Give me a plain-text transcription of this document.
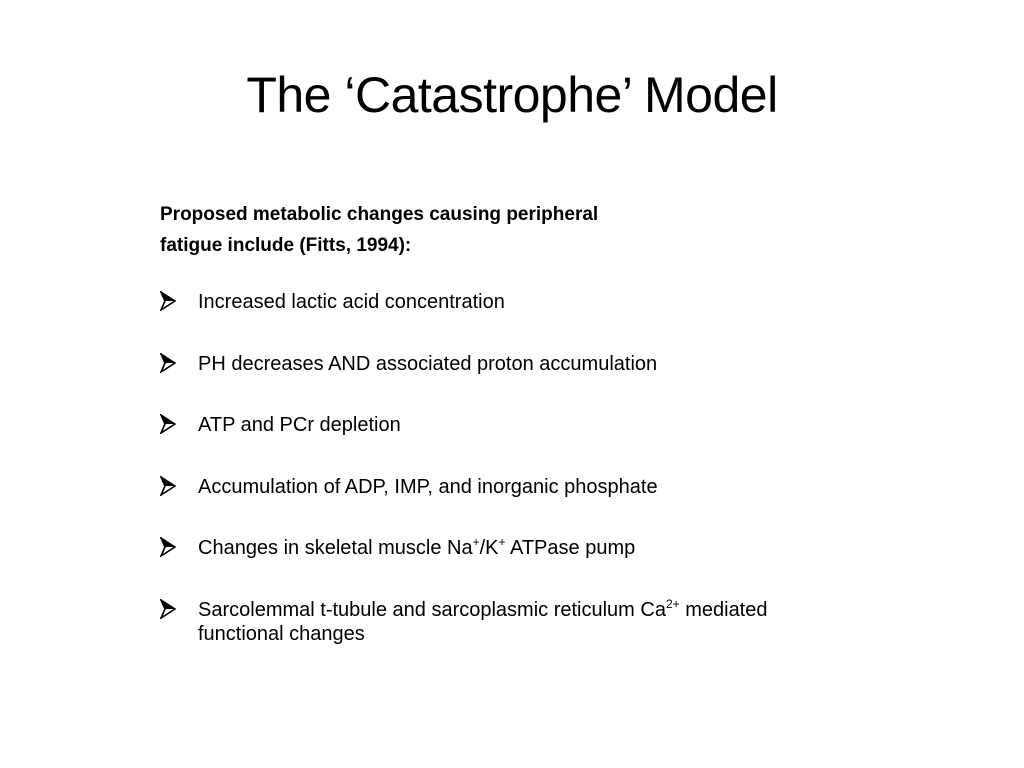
The ‘Catastrophe’ Model

Proposed metabolic changes causing peripheral
fatigue include (Fitts, 1994):

Increased lactic acid concentration
PH decreases AND associated proton accumulation
ATP and PCr depletion
Accumulation of ADP, IMP, and inorganic phosphate
Changes in skeletal muscle Na+/K+ ATPase pump
Sarcolemmal t-tubule and sarcoplasmic reticulum $Ca^{2+}$ mediated
functional changes
